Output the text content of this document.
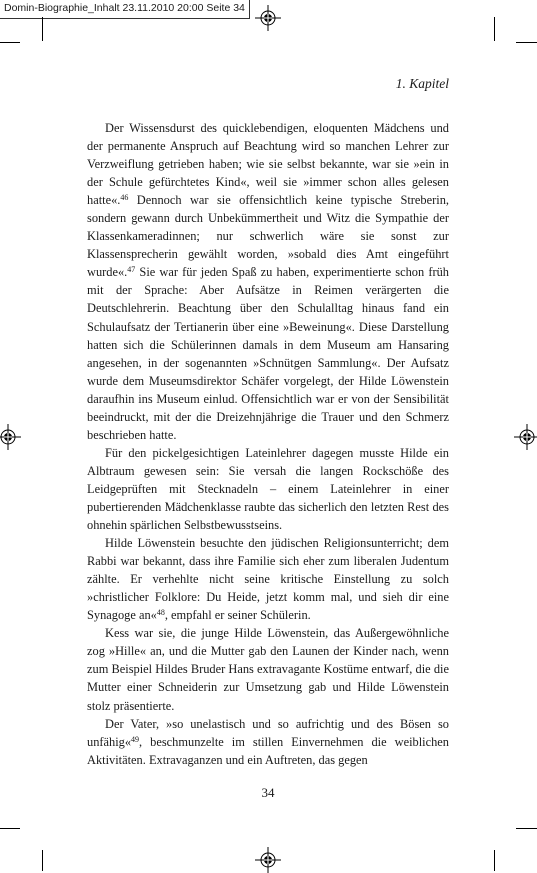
Domin-Biographie_Inhalt 23.11.2010 20:00 Seite 34
1. Kapitel

Der Wissensdurst des quicklebendigen, eloquenten Mädchens und der permanente Anspruch auf Beachtung wird so manchen Lehrer zur Verzweiflung getrieben haben; wie sie selbst bekannte, war sie »ein in der Schule gefürchtetes Kind«, weil sie »immer schon alles gelesen hatte«.$^{46}$ Dennoch war sie offensichtlich keine typische Streberin, sondern gewann durch Unbekümmertheit und Witz die Sympathie der Klassenkameradinnen; nur schwerlich wäre sie sonst zur Klassensprecherin gewählt worden, »sobald dies Amt eingeführt wurde«.$^{47}$ Sie war für jeden Spaß zu haben, experimentierte schon früh mit der Sprache: Aber Aufsätze in Reimen verärgerten die Deutschlehrerin. Beachtung über den Schulalltag hinaus fand ein Schulaufsatz der Tertianerin über eine »Beweinung«. Diese Darstellung hatten sich die Schülerinnen damals in dem Museum am Hansaring angesehen, in der sogenannten »Schnütgen Sammlung«. Der Aufsatz wurde dem Museumsdirektor Schäfer vorgelegt, der Hilde Löwenstein daraufhin ins Museum einlud. Offensichtlich war er von der Sensibilität beeindruckt, mit der die Dreizehnjährige die Trauer und den Schmerz beschrieben hatte.

Für den pickelgesichtigen Lateinlehrer dagegen musste Hilde ein Albtraum gewesen sein: Sie versah die langen Rockschöße des Leidgeprüften mit Stecknadeln – einem Lateinlehrer in einer pubertierenden Mädchenklasse raubte das sicherlich den letzten Rest des ohnehin spärlichen Selbstbewusstseins.

Hilde Löwenstein besuchte den jüdischen Religionsunterricht; dem Rabbi war bekannt, dass ihre Familie sich eher zum liberalen Judentum zählte. Er verhehlte nicht seine kritische Einstellung zu solch »christlicher Folklore: Du Heide, jetzt komm mal, und sieh dir eine Synagoge an«$^{48}$, empfahl er seiner Schülerin.

Kess war sie, die junge Hilde Löwenstein, das Außergewöhnliche zog »Hille« an, und die Mutter gab den Launen der Kinder nach, wenn zum Beispiel Hildes Bruder Hans extravagante Kostüme entwarf, die die Mutter einer Schneiderin zur Umsetzung gab und Hilde Löwenstein stolz präsentierte.

Der Vater, »so unelastisch und so aufrichtig und des Bösen so unfähig«$^{49}$, beschmunzelte im stillen Einvernehmen die weiblichen Aktivitäten. Extravaganzen und ein Auftreten, das gegen

34
